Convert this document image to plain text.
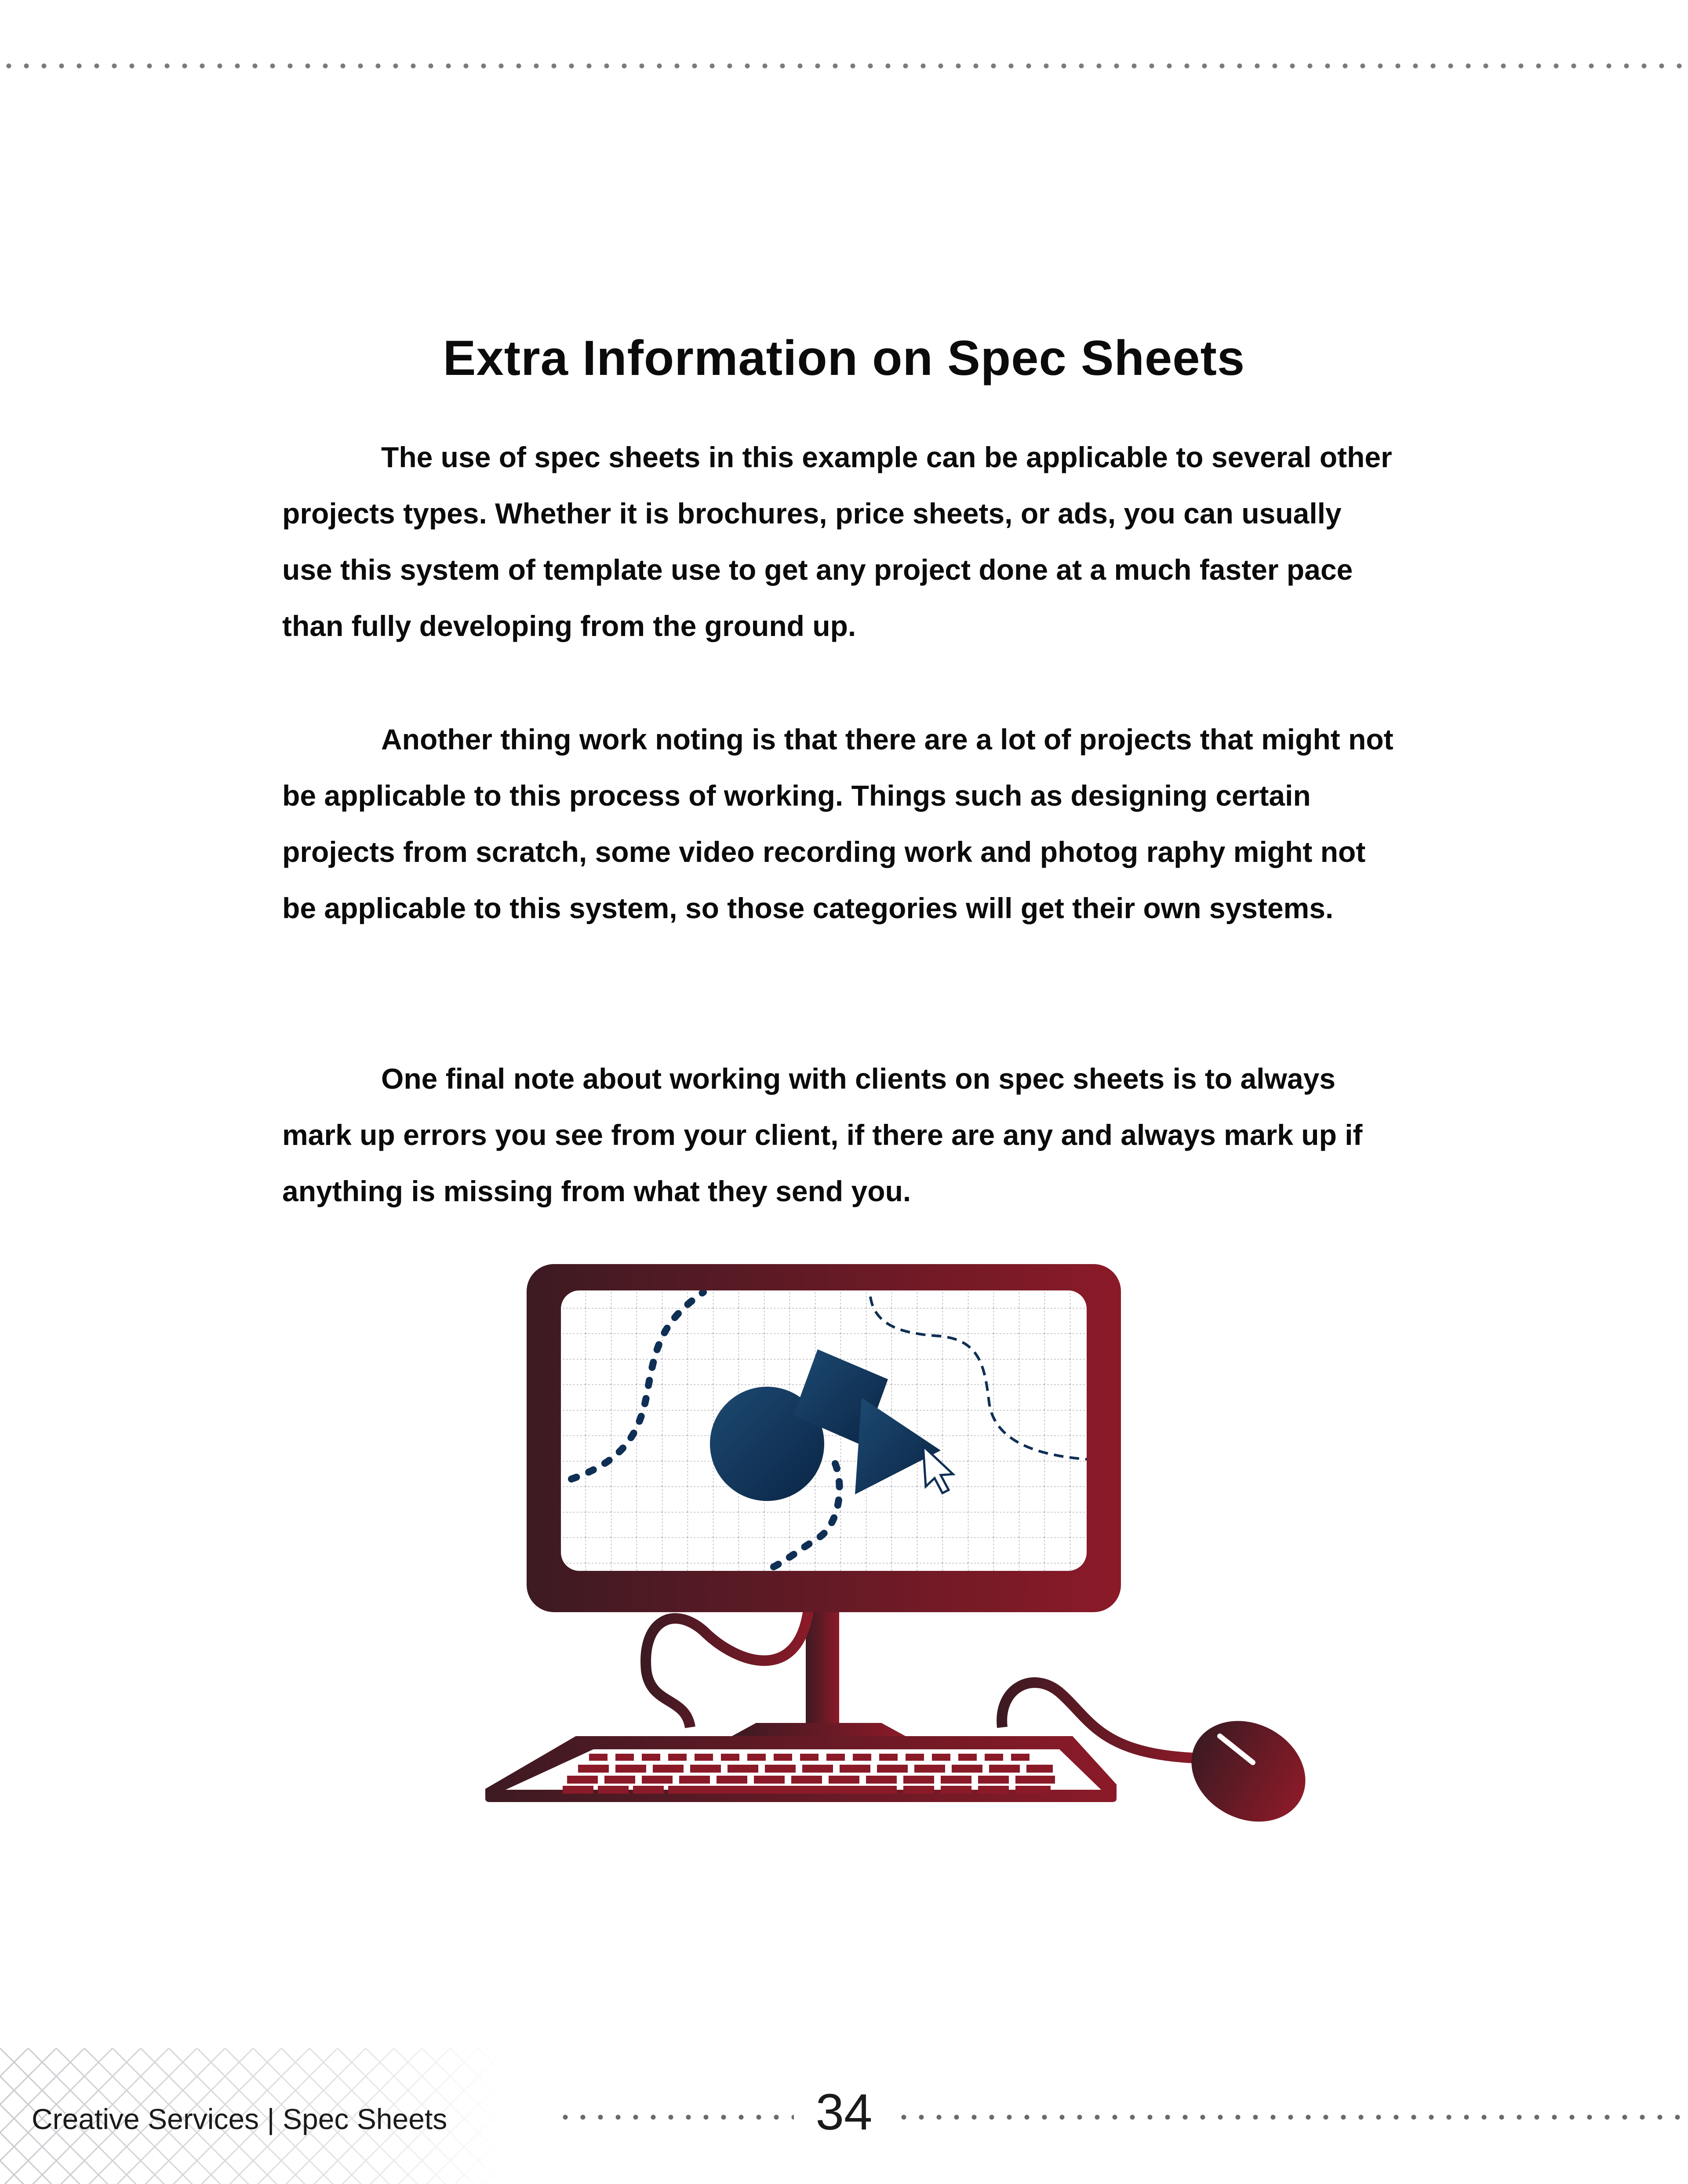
Extra Information on Spec Sheets

The use of spec sheets in this example can be applicable to several other projects types. Whether it is brochures, price sheets, or ads, you can usually use this system of template use to get any project done at a much faster pace than fully developing from the ground up.

Another thing work noting is that there are a lot of projects that might not be applicable to this process of working. Things such as designing certain projects from scratch, some video recording work and photog raphy might not be applicable to this system, so those categories will get their own systems.

One final note about working with clients on spec sheets is to always mark up errors you see from your client, if there are any and always mark up if anything is missing from what they send you.

Creative Services | Spec Sheets	34
